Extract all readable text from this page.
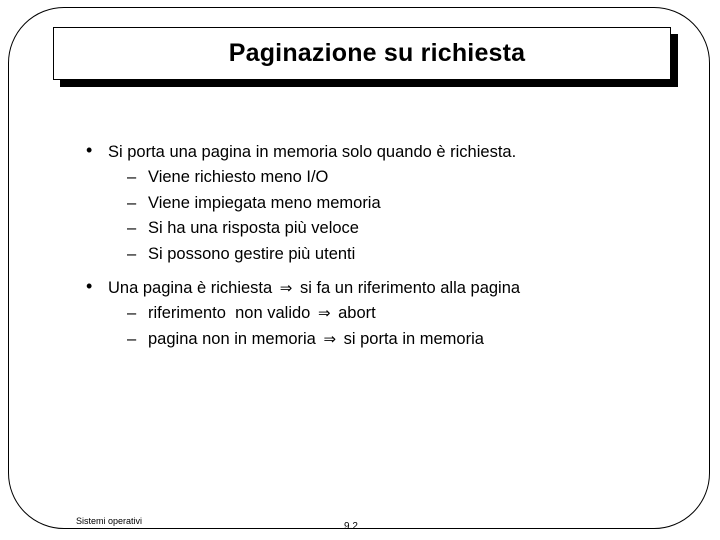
Paginazione su richiesta
• Si porta una pagina in memoria solo quando è richiesta.
– Viene richiesto meno I/O
– Viene impiegata meno memoria
– Si ha una risposta più veloce
– Si possono gestire più utenti
• Una pagina è richiesta ⇒ si fa un riferimento alla pagina
– riferimento  non valido ⇒ abort
– pagina non in memoria ⇒ si porta in memoria
Sistemi operativi	9.2
